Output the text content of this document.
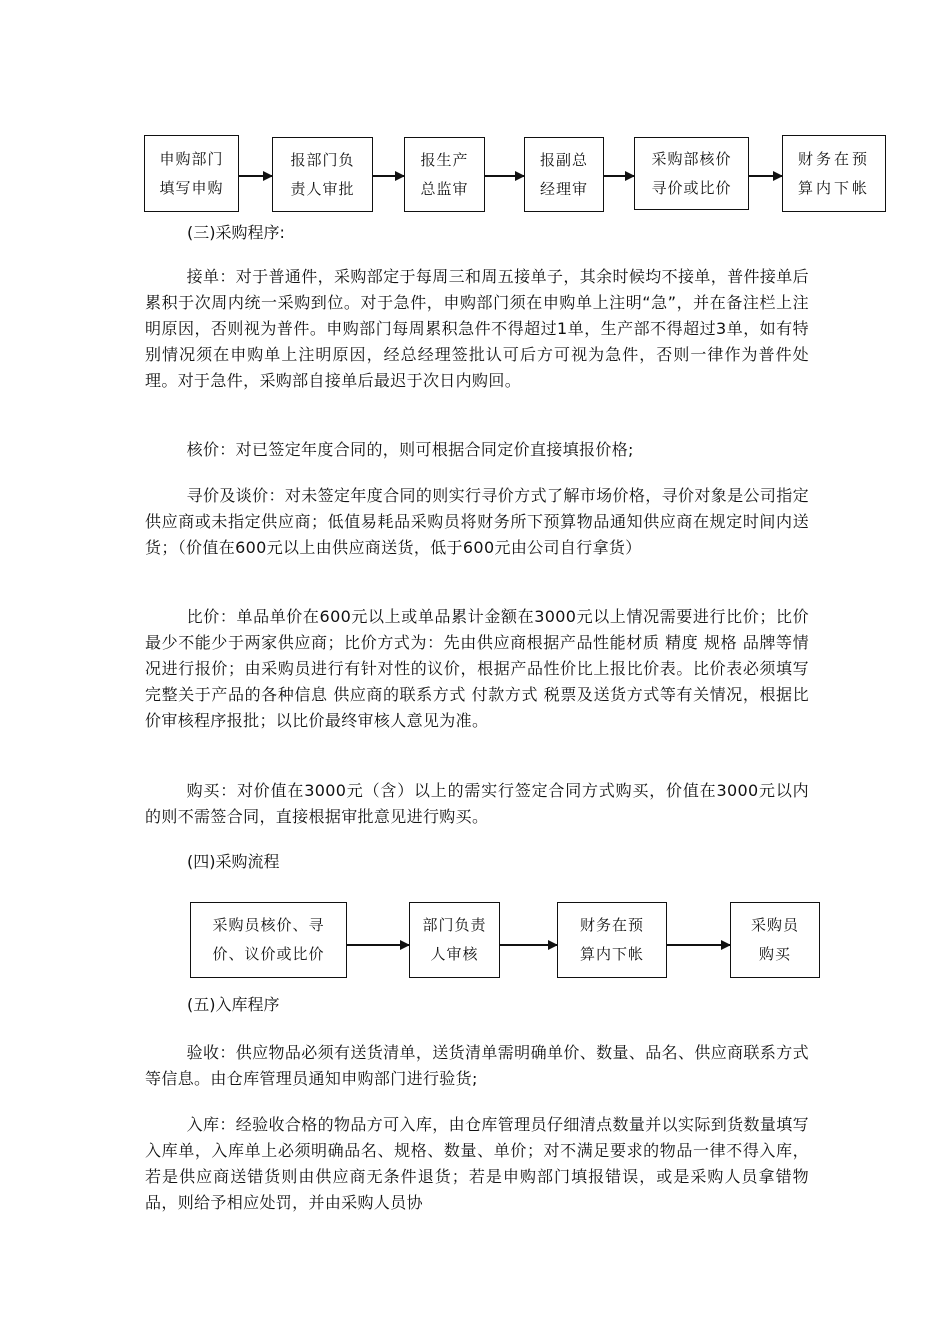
申购部门
填写申购
报部门负
责人审批
报生产
总监审
报副总
经理审
采购部核价
寻价或比价
财务在预
算内下帐
(三)采购程序:

接单：对于普通件，采购部定于每周三和周五接单子，其余时候均不接单，普件接单后累积于次周内统一采购到位。对于急件，申购部门须在申购单上注明“急”，并在备注栏上注明原因，否则视为普件。申购部门每周累积急件不得超过1单，生产部不得超过3单，如有特别情况须在申购单上注明原因，经总经理签批认可后方可视为急件，否则一律作为普件处理。对于急件，采购部自接单后最迟于次日内购回。

核价：对已签定年度合同的，则可根据合同定价直接填报价格;

寻价及谈价：对未签定年度合同的则实行寻价方式了解市场价格，寻价对象是公司指定供应商或未指定供应商；低值易耗品采购员将财务所下预算物品通知供应商在规定时间内送货；（价值在600元以上由供应商送货，低于600元由公司自行拿货）

比价：单品单价在600元以上或单品累计金额在3000元以上情况需要进行比价；比价最少不能少于两家供应商；比价方式为：先由供应商根据产品性能材质 精度 规格 品牌等情况进行报价；由采购员进行有针对性的议价，根据产品性价比上报比价表。比价表必须填写完整关于产品的各种信息 供应商的联系方式 付款方式 税票及送货方式等有关情况，根据比价审核程序报批；以比价最终审核人意见为准。

购买：对价值在3000元（含）以上的需实行签定合同方式购买，价值在3000元以内的则不需签合同，直接根据审批意见进行购买。

(四)采购流程
采购员核价、寻
价、议价或比价
部门负责
人审核
财务在预
算内下帐
采购员
购买
(五)入库程序

验收：供应物品必须有送货清单，送货清单需明确单价、数量、品名、供应商联系方式等信息。由仓库管理员通知申购部门进行验货;

入库：经验收合格的物品方可入库，由仓库管理员仔细清点数量并以实际到货数量填写入库单，入库单上必须明确品名、规格、数量、单价；对不满足要求的物品一律不得入库，若是供应商送错货则由供应商无条件退货；若是申购部门填报错误，或是采购人员拿错物品，则给予相应处罚，并由采购人员协
